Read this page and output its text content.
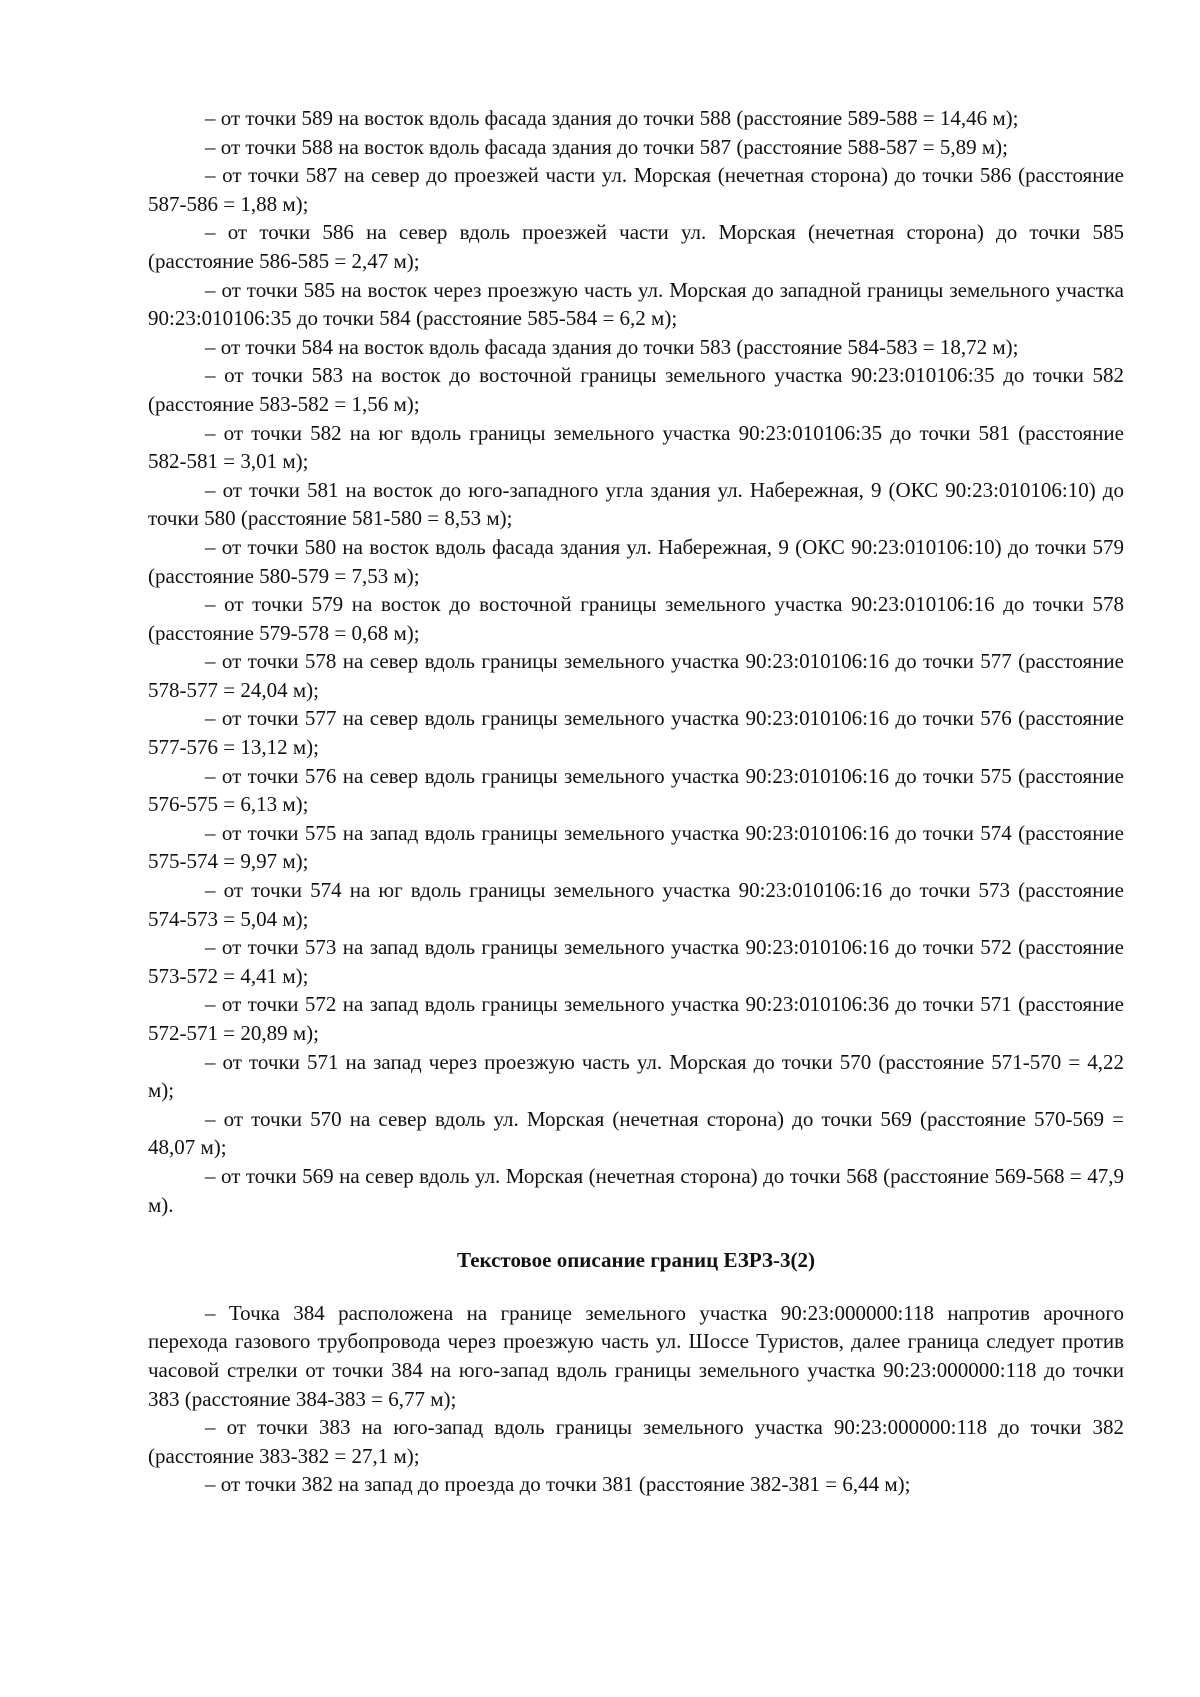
– от точки 589 на восток вдоль фасада здания до точки 588 (расстояние 589-588 = 14,46 м);

– от точки 588 на восток вдоль фасада здания до точки 587 (расстояние 588-587 = 5,89 м);

– от точки 587 на север до проезжей части ул. Морская (нечетная сторона) до точки 586 (расстояние 587-586 = 1,88 м);

– от точки 586 на север вдоль проезжей части ул. Морская (нечетная сторона) до точки 585 (расстояние 586-585 = 2,47 м);

– от точки 585 на восток через проезжую часть ул. Морская до западной границы земельного участка 90:23:010106:35 до точки 584 (расстояние 585-584 = 6,2 м);

– от точки 584 на восток вдоль фасада здания до точки 583 (расстояние 584-583 = 18,72 м);

– от точки 583 на восток до восточной границы земельного участка 90:23:010106:35 до точки 582 (расстояние 583-582 = 1,56 м);

– от точки 582 на юг вдоль границы земельного участка 90:23:010106:35 до точки 581 (расстояние 582-581 = 3,01 м);

– от точки 581 на восток до юго-западного угла здания ул. Набережная, 9 (ОКС 90:23:010106:10) до точки 580 (расстояние 581-580 = 8,53 м);

– от точки 580 на восток вдоль фасада здания ул. Набережная, 9 (ОКС 90:23:010106:10) до точки 579 (расстояние 580-579 = 7,53 м);

– от точки 579 на восток до восточной границы земельного участка 90:23:010106:16 до точки 578 (расстояние 579-578 = 0,68 м);

– от точки 578 на север вдоль границы земельного участка 90:23:010106:16 до точки 577 (расстояние 578-577 = 24,04 м);

– от точки 577 на север вдоль границы земельного участка 90:23:010106:16 до точки 576 (расстояние 577-576 = 13,12 м);

– от точки 576 на север вдоль границы земельного участка 90:23:010106:16 до точки 575 (расстояние 576-575 = 6,13 м);

– от точки 575 на запад вдоль границы земельного участка 90:23:010106:16 до точки 574 (расстояние 575-574 = 9,97 м);

– от точки 574 на юг вдоль границы земельного участка 90:23:010106:16 до точки 573 (расстояние 574-573 = 5,04 м);

– от точки 573 на запад вдоль границы земельного участка 90:23:010106:16 до точки 572 (расстояние 573-572 = 4,41 м);

– от точки 572 на запад вдоль границы земельного участка 90:23:010106:36 до точки 571 (расстояние 572-571 = 20,89 м);

– от точки 571 на запад через проезжую часть ул. Морская до точки 570 (расстояние 571-570 = 4,22 м);

– от точки 570 на север вдоль ул. Морская (нечетная сторона) до точки 569 (расстояние 570-569 = 48,07 м);

– от точки 569 на север вдоль ул. Морская (нечетная сторона) до точки 568 (расстояние 569-568 = 47,9 м).

Текстовое описание границ ЕЗРЗ-3(2)

– Точка 384 расположена на границе земельного участка 90:23:000000:118 напротив арочного перехода газового трубопровода через проезжую часть ул. Шоссе Туристов, далее граница следует против часовой стрелки от точки 384 на юго-запад вдоль границы земельного участка 90:23:000000:118 до точки 383 (расстояние 384-383 = 6,77 м);

– от точки 383 на юго-запад вдоль границы земельного участка 90:23:000000:118 до точки 382 (расстояние 383-382 = 27,1 м);

– от точки 382 на запад до проезда до точки 381 (расстояние 382-381 = 6,44 м);
